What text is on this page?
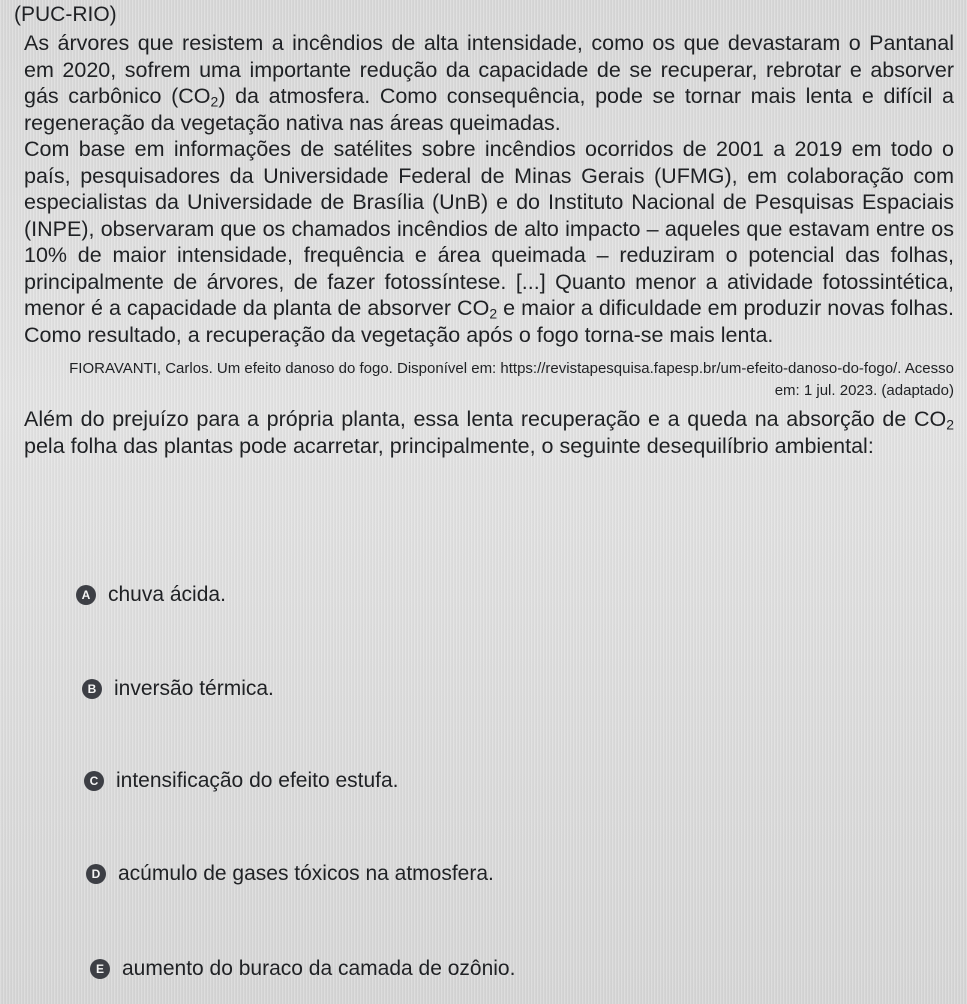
(PUC-RIO)
As árvores que resistem a incêndios de alta intensidade, como os que devastaram o Pantanal em 2020, sofrem uma importante redução da capacidade de se recuperar, rebrotar e absorver gás carbônico $(CO_2)$ da atmosfera. Como consequência, pode se tornar mais lenta e difícil a regeneração da vegetação nativa nas áreas queimadas.
Com base em informações de satélites sobre incêndios ocorridos de 2001 a 2019 em todo o país, pesquisadores da Universidade Federal de Minas Gerais (UFMG), em colaboração com especialistas da Universidade de Brasília (UnB) e do Instituto Nacional de Pesquisas Espaciais (INPE), observaram que os chamados incêndios de alto impacto – aqueles que estavam entre os 10% de maior intensidade, frequência e área queimada – reduziram o potencial das folhas, principalmente de árvores, de fazer fotossíntese. [...] Quanto menor a atividade fotossintética, menor é a capacidade da planta de absorver $CO_2$ e maior a dificuldade em produzir novas folhas. Como resultado, a recuperação da vegetação após o fogo torna-se mais lenta.
FIORAVANTI, Carlos. Um efeito danoso do fogo. Disponível em: https://revistapesquisa.fapesp.br/um-efeito-danoso-do-fogo/. Acesso
em: 1 jul. 2023. (adaptado)
Além do prejuízo para a própria planta, essa lenta recuperação e a queda na absorção de $CO_2$ pela folha das plantas pode acarretar, principalmente, o seguinte desequilíbrio ambiental:
A chuva ácida.
B inversão térmica.
C intensificação do efeito estufa.
D acúmulo de gases tóxicos na atmosfera.
E aumento do buraco da camada de ozônio.
